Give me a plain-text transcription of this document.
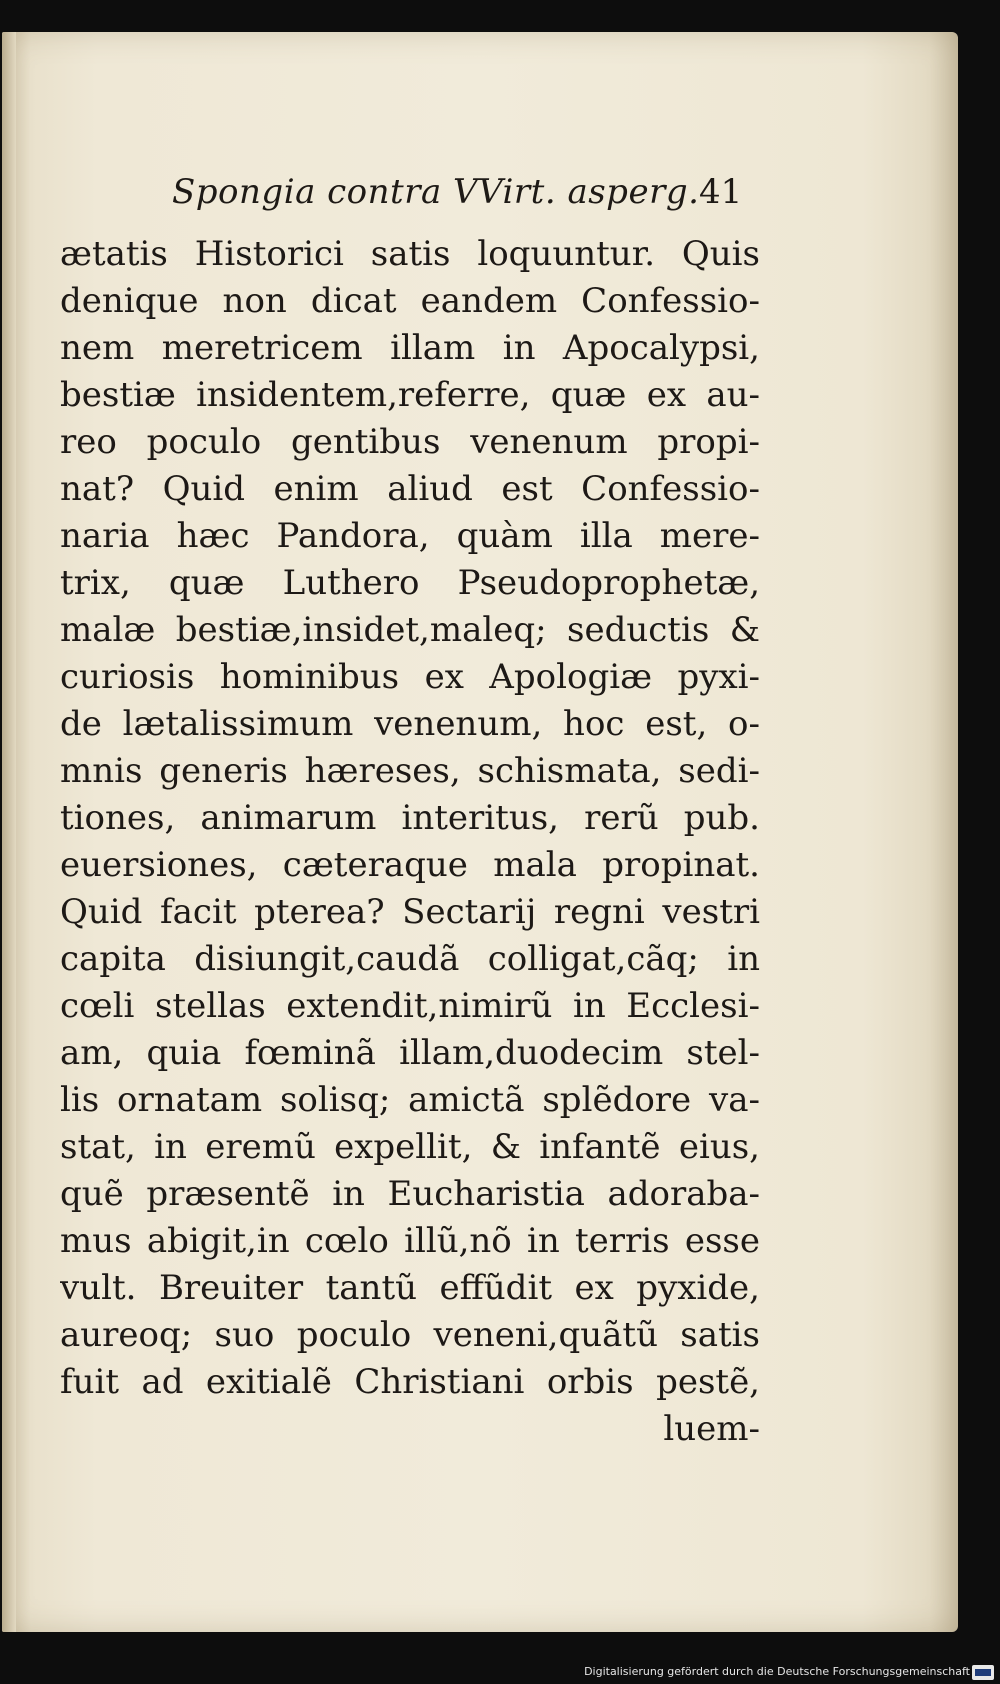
Spongia contra VVirt. asperg. 41
ætatis Historici satis loquuntur. Quis
denique non dicat eandem Confessio-
nem meretricem illam in Apocalypsi,
bestiæ insidentem,referre, quæ ex au-
reo poculo gentibus venenum propi-
nat? Quid enim aliud est Confessio-
naria hæc Pandora, quàm illa mere-
trix, quæ Luthero Pseudoprophetæ,
malæ bestiæ,insidet,maleq; seductis &
curiosis hominibus ex Apologiæ pyxi-
de lætalissimum venenum, hoc est, o-
mnis generis hæreses, schismata, sedi-
tiones, animarum interitus, rerũ pub.
euersiones, cæteraque mala propinat.
Quid facit pterea? Sectarij regni vestri
capita disiungit,caudã colligat,cãq; in
cœli stellas extendit,nimirũ in Ecclesi-
am, quia fœminã illam,duodecim stel-
lis ornatam solisq; amictã splẽdore va-
stat, in eremũ expellit, & infantẽ eius,
quẽ præsentẽ in Eucharistia adoraba-
mus abigit,in cœlo illũ,nõ in terris esse
vult. Breuiter tantũ effũdit ex pyxide,
aureoq; suo poculo veneni,quãtũ satis
fuit ad exitialẽ Christiani orbis pestẽ,
luem-
Digitalisierung gefördert durch die Deutsche Forschungsgemeinschaft
